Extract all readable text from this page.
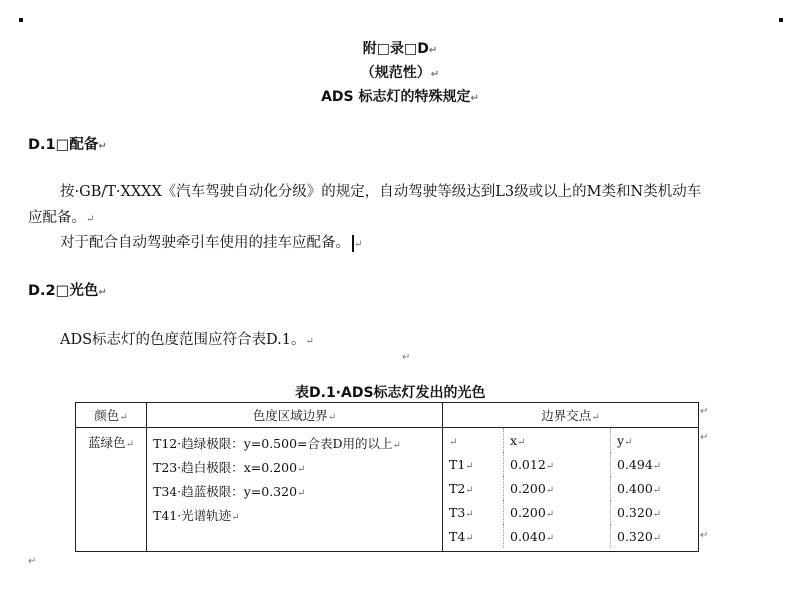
附□录□D↵
（规范性）↵
ADS 标志灯的特殊规定↵
D.1□配备↵
按·GB/T·XXXX《汽车驾驶自动化分级》的规定，自动驾驶等级达到L3级或以上的M类和N类机动车
应配备。↵
对于配合自动驾驶牵引车使用的挂车应配备。 ↵
D.2□光色↵
ADS标志灯的色度范围应符合表D.1。↵
↵
表D.1·ADS标志灯发出的光色
颜色↵	色度区域边界↵	边界交点↵
蓝绿色↵	T12·趋绿极限：y=0.500=合表D用的以上↵
T23·趋白极限：x=0.200↵
T34·趋蓝极限：y=0.320↵
T41·光谱轨迹↵

↵	x↵	y↵
T1↵	0.012↵	0.494↵
T2↵	0.200↵	0.400↵
T3↵	0.200↵	0.320↵
T4↵	0.040↵	0.320↵
↵
↵
↵
↵
